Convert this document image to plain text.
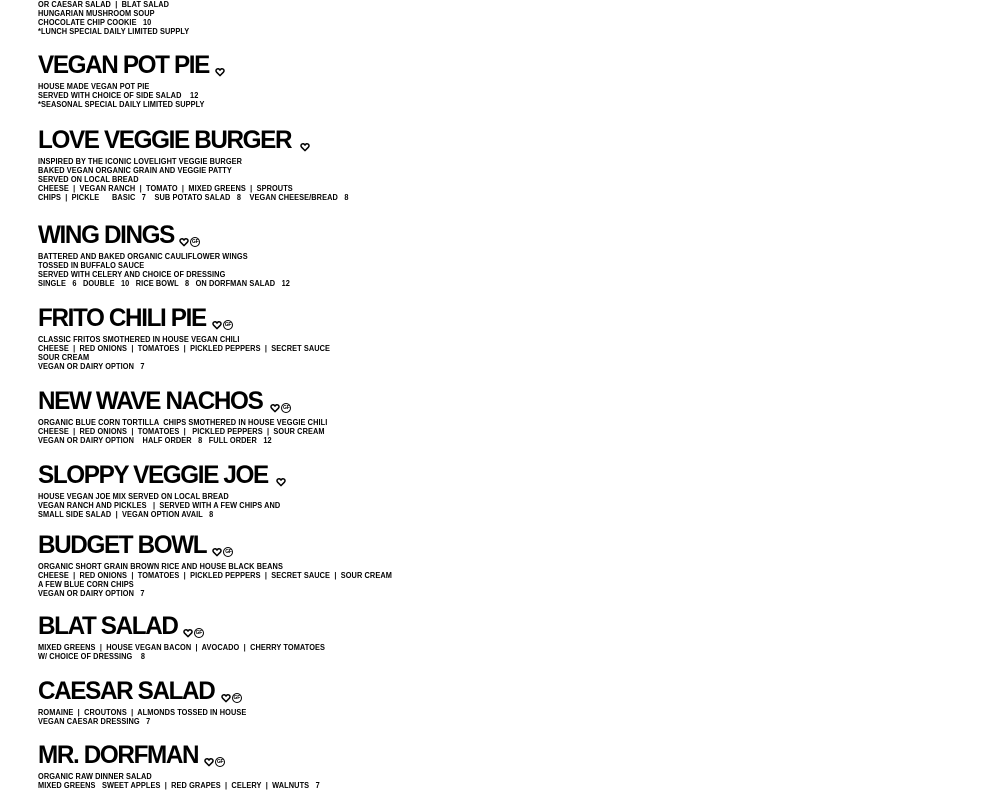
OR CAESAR SALAD  |  BLAT SALAD
HUNGARIAN MUSHROOM SOUP
CHOCOLATE CHIP COOKIE   10
*LUNCH SPECIAL DAILY LIMITED SUPPLY
VEGAN POT PIE
HOUSE MADE VEGAN POT PIE
SERVED WITH CHOICE OF SIDE SALAD    12
*SEASONAL SPECIAL DAILY LIMITED SUPPLY
LOVE VEGGIE BURGER
INSPIRED BY THE ICONIC LOVELIGHT VEGGIE BURGER
BAKED VEGAN ORGANIC GRAIN AND VEGGIE PATTY
SERVED ON LOCAL BREAD
CHEESE  |  VEGAN RANCH  |  TOMATO  |  MIXED GREENS  |  SPROUTS
CHIPS  |  PICKLE      BASIC   7    SUB POTATO SALAD   8    VEGAN CHEESE/BREAD   8
WING DINGS	GF
BATTERED AND BAKED ORGANIC CAULIFLOWER WINGS
TOSSED IN BUFFALO SAUCE
SERVED WITH CELERY AND CHOICE OF DRESSING
SINGLE   6   DOUBLE   10   RICE BOWL   8   ON DORFMAN SALAD   12
FRITO CHILI PIE	GF
CLASSIC FRITOS SMOTHERED IN HOUSE VEGAN CHILI
CHEESE  |  RED ONIONS  |  TOMATOES  |  PICKLED PEPPERS  |  SECRET SAUCE
SOUR CREAM
VEGAN OR DAIRY OPTION   7
NEW WAVE NACHOS	GF
ORGANIC BLUE CORN TORTILLA  CHIPS SMOTHERED IN HOUSE VEGGIE CHILI
CHEESE  |  RED ONIONS  |  TOMATOES  |   PICKLED PEPPERS  |  SOUR CREAM
VEGAN OR DAIRY OPTION    HALF ORDER   8   FULL ORDER   12
SLOPPY VEGGIE JOE
HOUSE VEGAN JOE MIX SERVED ON LOCAL BREAD
VEGAN RANCH AND PICKLES   |  SERVED WITH A FEW CHIPS AND
SMALL SIDE SALAD  |  VEGAN OPTION AVAIL   8
BUDGET BOWL	GF
ORGANIC SHORT GRAIN BROWN RICE AND HOUSE BLACK BEANS
CHEESE  |  RED ONIONS  |  TOMATOES  |  PICKLED PEPPERS  |  SECRET SAUCE  |  SOUR CREAM
A FEW BLUE CORN CHIPS
VEGAN OR DAIRY OPTION   7
BLAT SALAD	GF
MIXED GREENS  |  HOUSE VEGAN BACON  |  AVOCADO  |  CHERRY TOMATOES
W/ CHOICE OF DRESSING    8
CAESAR SALAD	GF
ROMAINE  |  CROUTONS  |  ALMONDS TOSSED IN HOUSE
VEGAN CAESAR DRESSING   7
MR. DORFMAN	GF
ORGANIC RAW DINNER SALAD
MIXED GREENS   SWEET APPLES  |  RED GRAPES  |  CELERY  |  WALNUTS   7
